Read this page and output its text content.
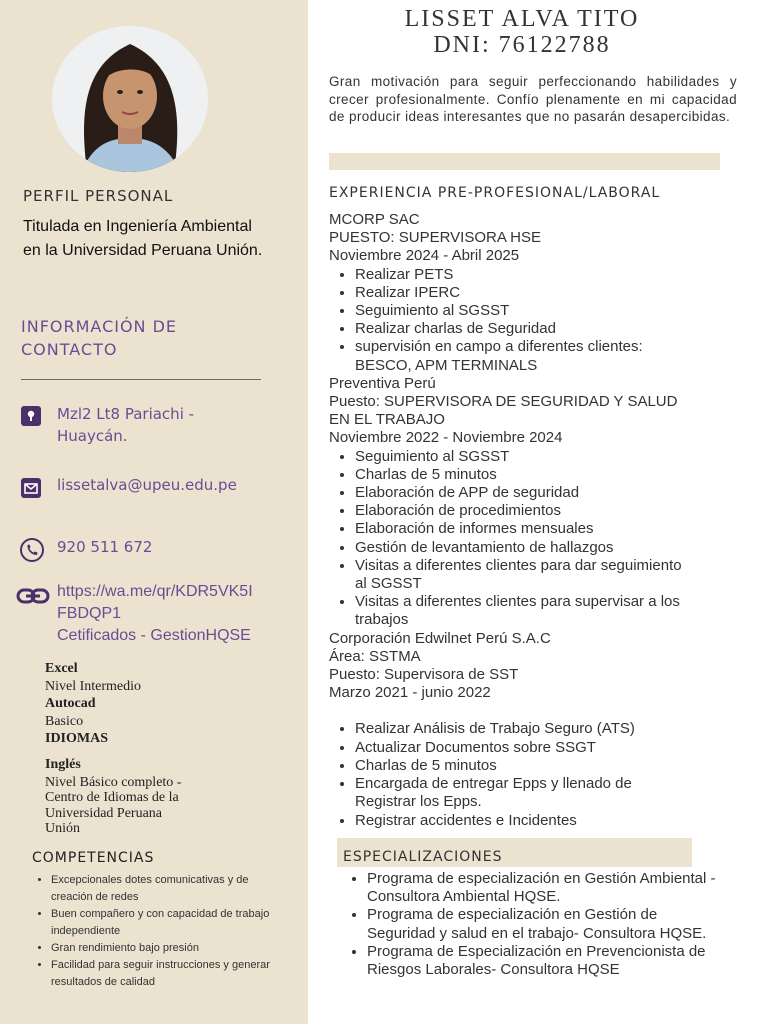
PERFIL PERSONAL
Titulada en Ingeniería Ambiental
en la Universidad Peruana Unión.
INFORMACIÓN DE
CONTACTO
Mzl2 Lt8 Pariachi -
Huaycán.
lissetalva@upeu.edu.pe
920 511 672
https://wa.me/qr/KDR5VK5I
FBDQP1
Cetificados - GestionHQSE
Excel
Nivel Intermedio
Autocad
Basico
IDIOMAS
Inglés
Nivel Básico completo -
Centro de Idiomas de la
Universidad Peruana
Unión
COMPETENCIAS
• Excepcionales dotes comunicativas y de
creación de redes
• Buen compañero y con capacidad de trabajo
independiente
• Gran rendimiento bajo presión
• Facilidad para seguir instrucciones y generar
resultados de calidad
LISSET ALVA TITO
DNI: 76122788
Gran motivación para seguir perfeccionando habilidades y crecer profesionalmente. Confío plenamente en mi capacidad de producir ideas interesantes que no pasarán desapercibidas.
EXPERIENCIA PRE-PROFESIONAL/LABORAL
MCORP SAC
PUESTO: SUPERVISORA HSE
Noviembre 2024 - Abril 2025
• Realizar PETS
• Realizar IPERC
• Seguimiento al SGSST
• Realizar charlas de Seguridad
• supervisión en campo a diferentes clientes:
BESCO, APM TERMINALS
Preventiva Perú
Puesto: SUPERVISORA DE SEGURIDAD Y SALUD
EN EL TRABAJO
Noviembre 2022 - Noviembre 2024
• Seguimiento al SGSST
• Charlas de 5 minutos
• Elaboración de APP de seguridad
• Elaboración de procedimientos
• Elaboración de informes mensuales
• Gestión de levantamiento de hallazgos
• Visitas a diferentes clientes para dar seguimiento
al SGSST
• Visitas a diferentes clientes para supervisar a los
trabajos
Corporación Edwilnet Perú S.A.C
Área: SSTMA
Puesto: Supervisora de SST
Marzo 2021 - junio 2022
• Realizar Análisis de Trabajo Seguro (ATS)
• Actualizar Documentos sobre SSGT
• Charlas de 5 minutos
• Encargada de entregar Epps y llenado de
Registrar los Epps.
• Registrar accidentes e Incidentes
ESPECIALIZACIONES
• Programa de especialización en Gestión Ambiental -
Consultora Ambiental HQSE.
• Programa de especialización en Gestión de
Seguridad y salud en el trabajo- Consultora HQSE.
• Programa de Especialización en Prevencionista de
Riesgos Laborales- Consultora HQSE
